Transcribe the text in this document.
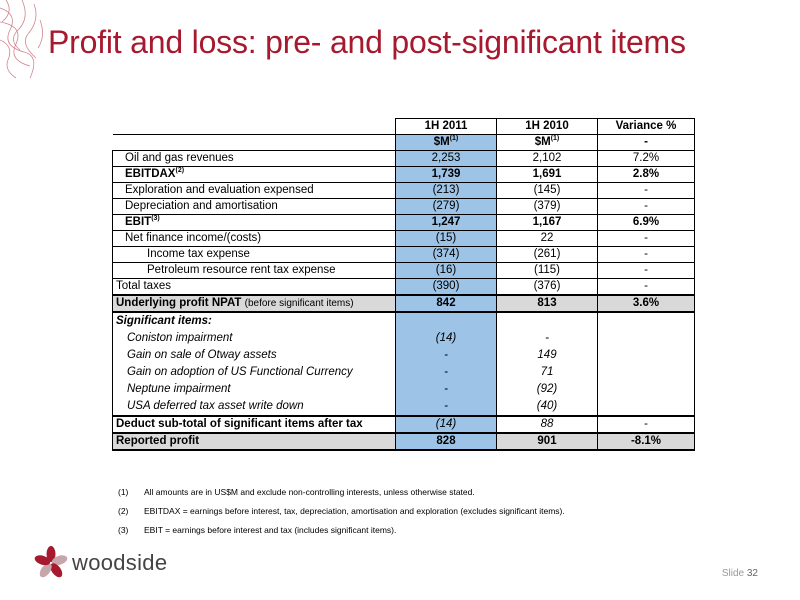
Profit and loss: pre- and post-significant items
	1H 2011	1H 2010	Variance %
	$\$M^{(1)}$	$\$M^{(1)}$	-
Oil and gas revenues	2,253	2,102	7.2%
EBITDAX$^{(2)}$	1,739	1,691	2.8%
Exploration and evaluation expensed	(213)	(145)	-
Depreciation and amortisation	(279)	(379)	-
EBIT$^{(3)}$	1,247	1,167	6.9%
Net finance income/(costs)	(15)	22	-
Income tax expense	(374)	(261)	-
Petroleum resource rent tax expense	(16)	(115)	-
Total taxes	(390)	(376)	-
Underlying profit NPAT (before significant items)	842	813	3.6%
Significant items:			
Coniston impairment	(14)	-	
Gain on sale of Otway assets	-	149	
Gain on adoption of US Functional Currency	-	71	
Neptune impairment	-	(92)	
USA deferred tax asset write down	-	(40)	
Deduct sub-total of significant items after tax	(14)	88	-
Reported profit	828	901	-8.1%
(1)	All amounts are in US$M and exclude non-controlling interests, unless otherwise stated.
(2)	EBITDAX = earnings before interest, tax, depreciation, amortisation and exploration (excludes significant items).
(3)	EBIT = earnings before interest and tax (includes significant items).
woodside	Slide 32
